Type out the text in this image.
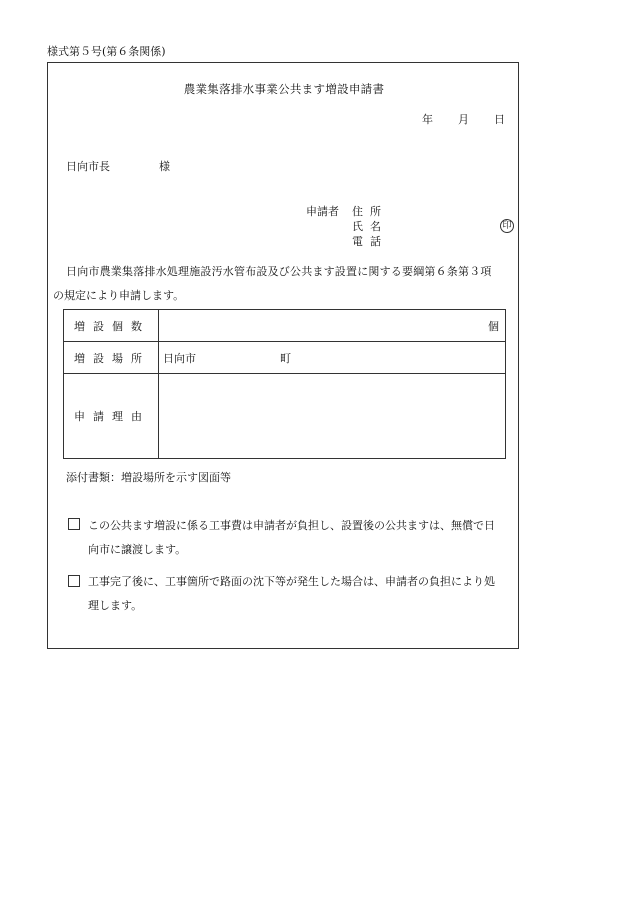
様式第５号(第６条関係)
農業集落排水事業公共ます増設申請書
年 月 日
日向市長	様
申請者 住所
氏名
電話
印
日向市農業集落排水処理施設汚水管布設及び公共ます設置に関する要綱第６条第３項
の規定により申請します。
増設個数	個

増設場所	日向市 町
申請理由	
添付書類：増設場所を示す図面等
この公共ます増設に係る工事費は申請者が負担し、設置後の公共ますは、無償で日
向市に譲渡します。
工事完了後に、工事箇所で路面の沈下等が発生した場合は、申請者の負担により処
理します。
